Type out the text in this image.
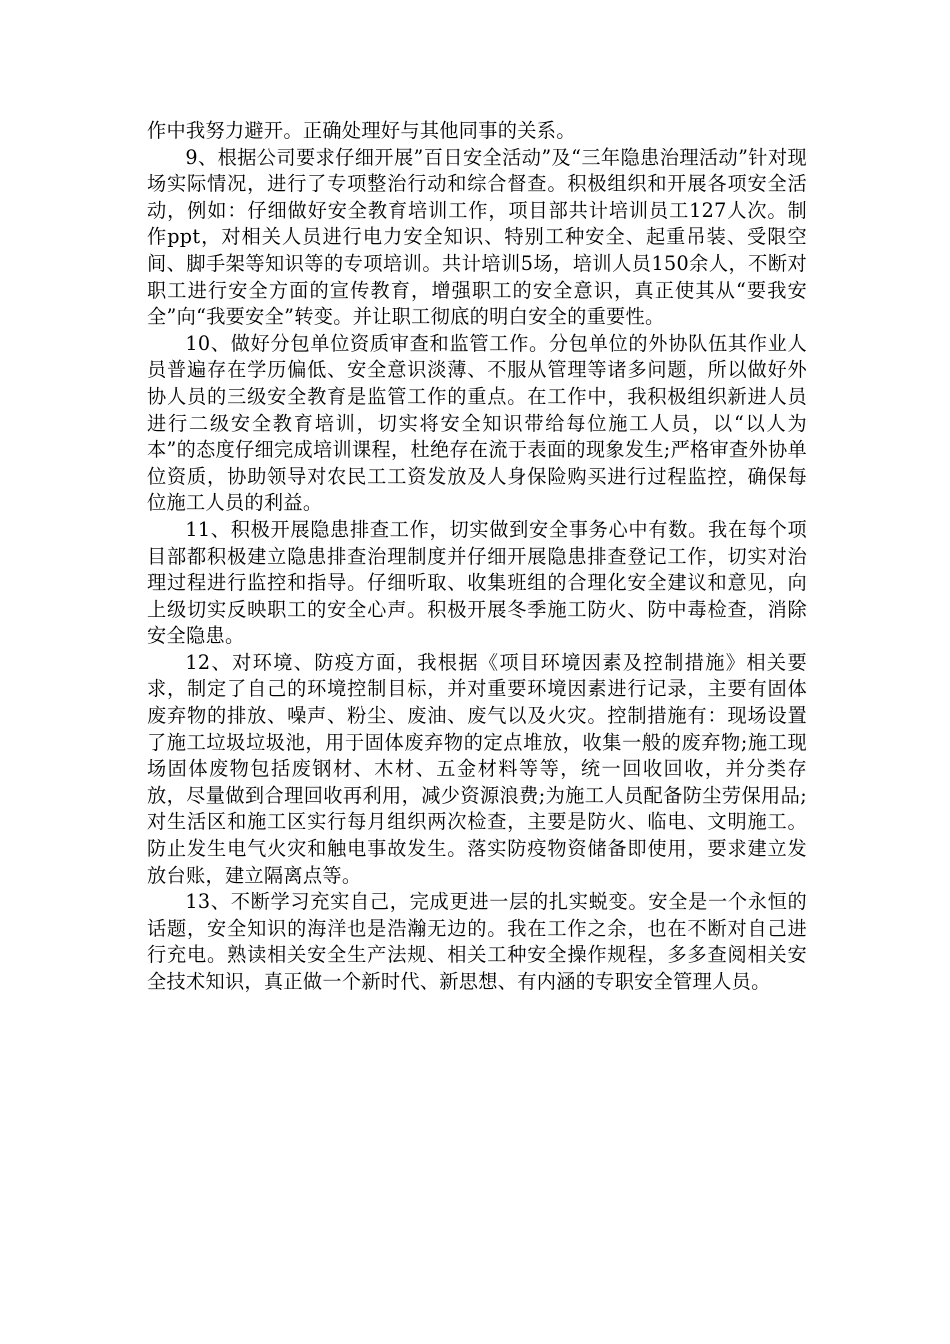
作中我努力避开。正确处理好与其他同事的关系。

9、根据公司要求仔细开展”百日安全活动”及“三年隐患治理活动”针对现场实际情况，进行了专项整治行动和综合督查。积极组织和开展各项安全活动，例如：仔细做好安全教育培训工作，项目部共计培训员工127人次。制作ppt，对相关人员进行电力安全知识、特别工种安全、起重吊装、受限空间、脚手架等知识等的专项培训。共计培训5场，培训人员150余人，不断对职工进行安全方面的宣传教育，增强职工的安全意识，真正使其从“要我安全”向“我要安全”转变。并让职工彻底的明白安全的重要性。

10、做好分包单位资质审查和监管工作。分包单位的外协队伍其作业人员普遍存在学历偏低、安全意识淡薄、不服从管理等诸多问题，所以做好外协人员的三级安全教育是监管工作的重点。在工作中，我积极组织新进人员进行二级安全教育培训，切实将安全知识带给每位施工人员，以“以人为本”的态度仔细完成培训课程，杜绝存在流于表面的现象发生;严格审查外协单位资质，协助领导对农民工工资发放及人身保险购买进行过程监控，确保每位施工人员的利益。

11、积极开展隐患排查工作，切实做到安全事务心中有数。我在每个项目部都积极建立隐患排查治理制度并仔细开展隐患排查登记工作，切实对治理过程进行监控和指导。仔细听取、收集班组的合理化安全建议和意见，向上级切实反映职工的安全心声。积极开展冬季施工防火、防中毒检查，消除安全隐患。

12、对环境、防疫方面，我根据《项目环境因素及控制措施》相关要求，制定了自己的环境控制目标，并对重要环境因素进行记录，主要有固体废弃物的排放、噪声、粉尘、废油、废气以及火灾。控制措施有：现场设置了施工垃圾垃圾池，用于固体废弃物的定点堆放，收集一般的废弃物;施工现场固体废物包括废钢材、木材、五金材料等等，统一回收回收，并分类存放，尽量做到合理回收再利用，减少资源浪费;为施工人员配备防尘劳保用品;对生活区和施工区实行每月组织两次检查，主要是防火、临电、文明施工。防止发生电气火灾和触电事故发生。落实防疫物资储备即使用，要求建立发放台账，建立隔离点等。

13、不断学习充实自己，完成更进一层的扎实蜕变。安全是一个永恒的话题，安全知识的海洋也是浩瀚无边的。我在工作之余，也在不断对自己进行充电。熟读相关安全生产法规、相关工种安全操作规程，多多查阅相关安全技术知识，真正做一个新时代、新思想、有内涵的专职安全管理人员。
